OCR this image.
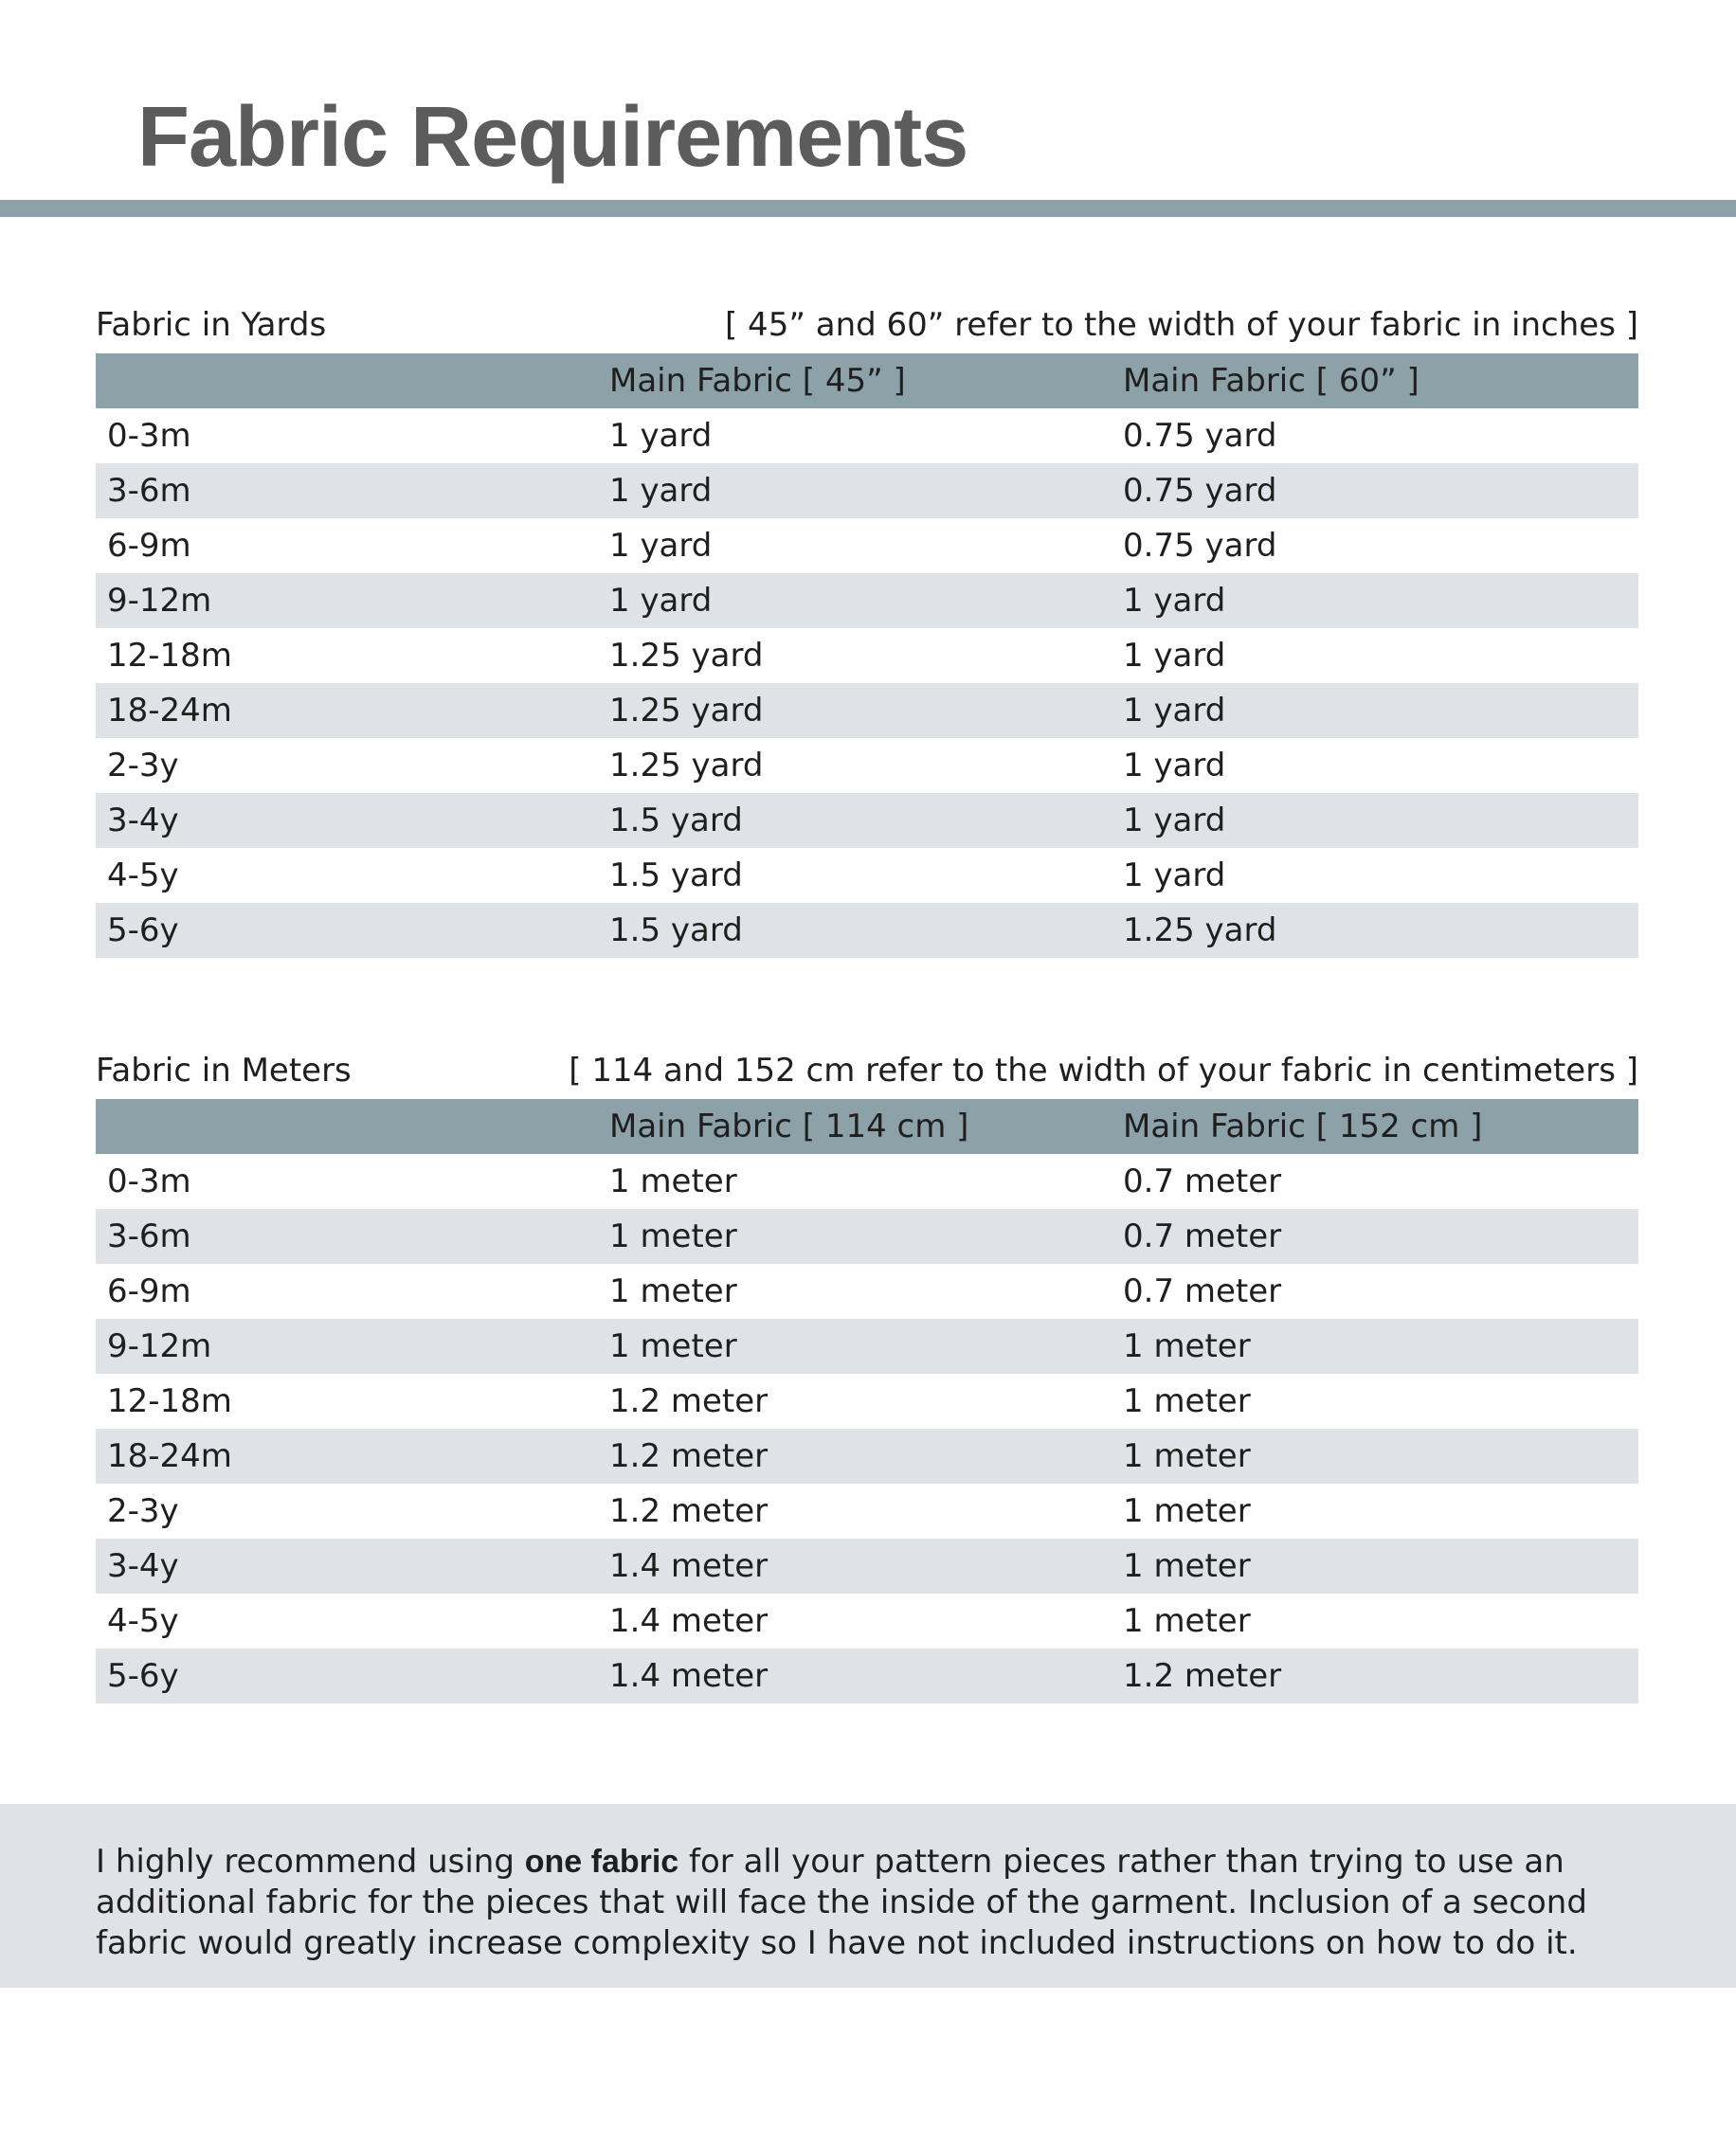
Fabric Requirements
Fabric in Yards	[ 45” and 60” refer to the width of your fabric in inches ]
	Main Fabric [ 45” ]	Main Fabric [ 60” ]
0-3m	1 yard	0.75 yard
3-6m	1 yard	0.75 yard
6-9m	1 yard	0.75 yard
9-12m	1 yard	1 yard
12-18m	1.25 yard	1 yard
18-24m	1.25 yard	1 yard
2-3y	1.25 yard	1 yard
3-4y	1.5 yard	1 yard
4-5y	1.5 yard	1 yard
5-6y	1.5 yard	1.25 yard
Fabric in Meters	[ 114 and 152 cm refer to the width of your fabric in centimeters ]
	Main Fabric [ 114 cm ]	Main Fabric [ 152 cm ]
0-3m	1 meter	0.7 meter
3-6m	1 meter	0.7 meter
6-9m	1 meter	0.7 meter
9-12m	1 meter	1 meter
12-18m	1.2 meter	1 meter
18-24m	1.2 meter	1 meter
2-3y	1.2 meter	1 meter
3-4y	1.4 meter	1 meter
4-5y	1.4 meter	1 meter
5-6y	1.4 meter	1.2 meter

I highly recommend using one fabric for all your pattern pieces rather than trying to use an additional fabric for the pieces that will face the inside of the garment. Inclusion of a second fabric would greatly increase complexity so I have not included instructions on how to do it.
